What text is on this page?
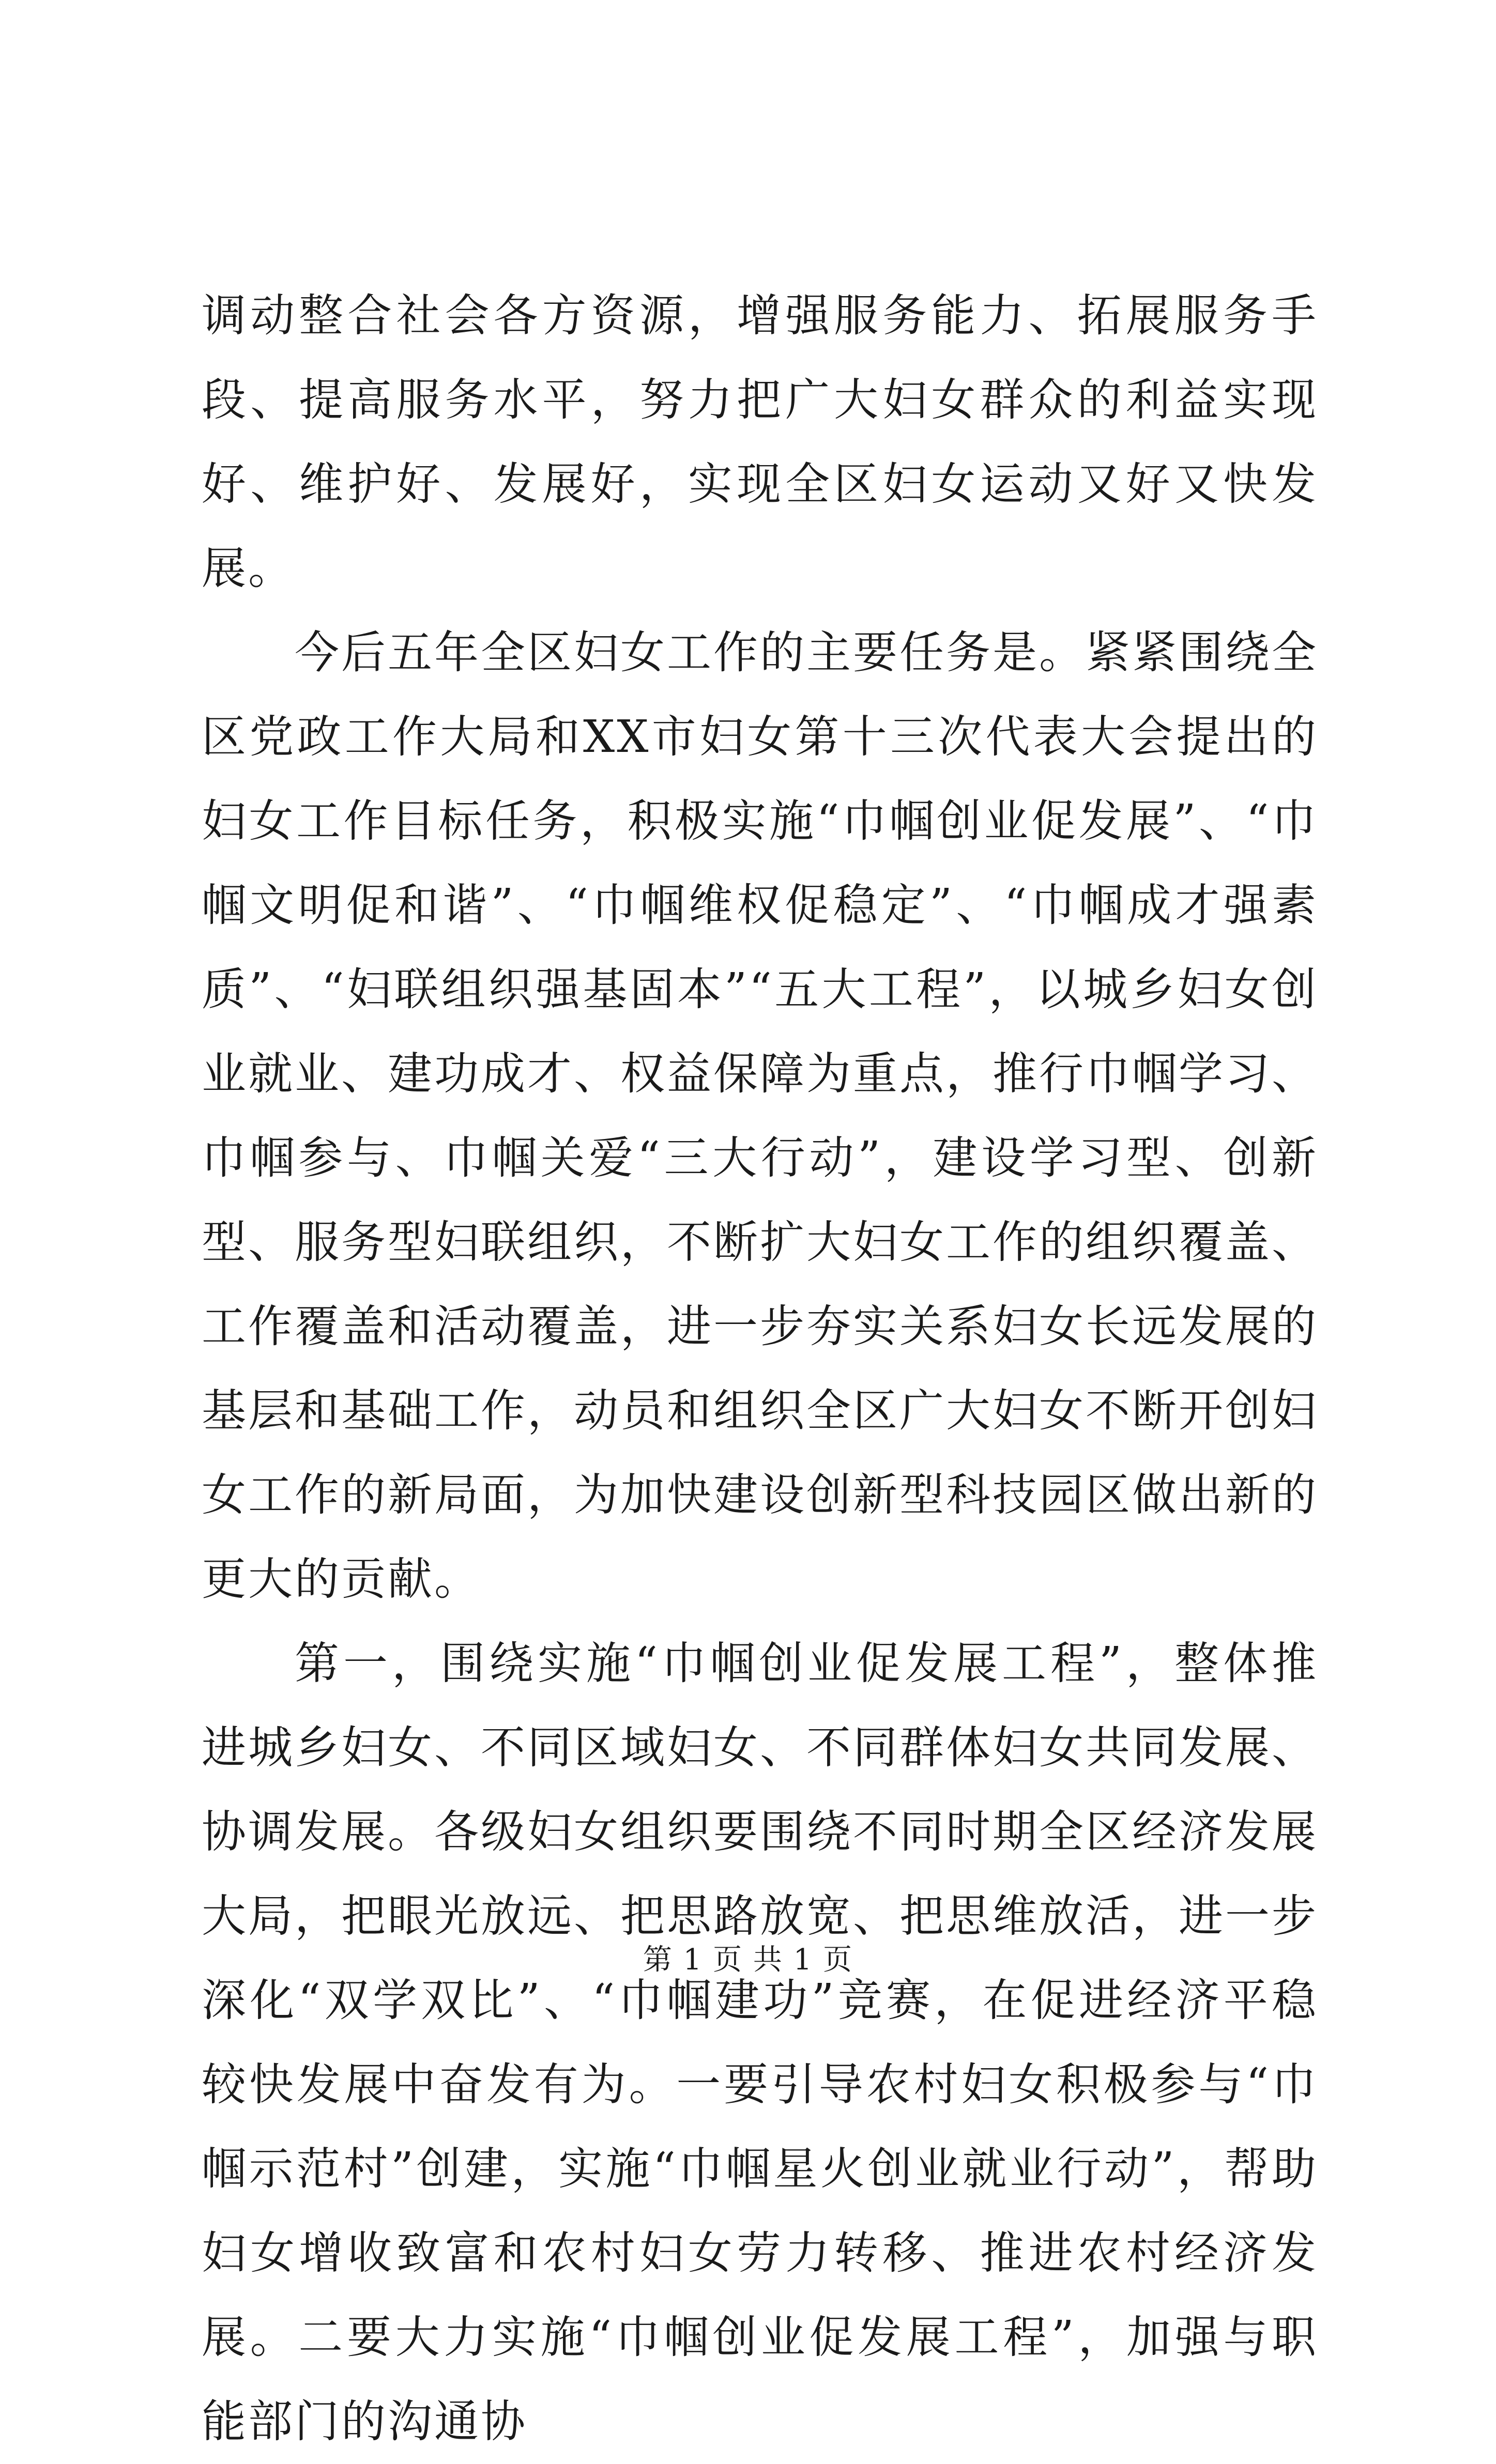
调动整合社会各方资源，增强服务能力、拓展服务手段、提高服务水平，努力把广大妇女群众的利益实现好、维护好、发展好，实现全区妇女运动又好又快发展。

今后五年全区妇女工作的主要任务是。紧紧围绕全区党政工作大局和XX市妇女第十三次代表大会提出的妇女工作目标任务，积极实施“巾帼创业促发展”、“巾帼文明促和谐”、“巾帼维权促稳定”、“巾帼成才强素质”、“妇联组织强基固本”“五大工程”，以城乡妇女创业就业、建功成才、权益保障为重点，推行巾帼学习、巾帼参与、巾帼关爱“三大行动”，建设学习型、创新型、服务型妇联组织，不断扩大妇女工作的组织覆盖、工作覆盖和活动覆盖，进一步夯实关系妇女长远发展的基层和基础工作，动员和组织全区广大妇女不断开创妇女工作的新局面，为加快建设创新型科技园区做出新的更大的贡献。

第一，围绕实施“巾帼创业促发展工程”，整体推进城乡妇女、不同区域妇女、不同群体妇女共同发展、协调发展。各级妇女组织要围绕不同时期全区经济发展大局，把眼光放远、把思路放宽、把思维放活，进一步深化“双学双比”、“巾帼建功”竞赛，在促进经济平稳较快发展中奋发有为。一要引导农村妇女积极参与“巾帼示范村”创建，实施“巾帼星火创业就业行动”，帮助妇女增收致富和农村妇女劳力转移、推进农村经济发展。二要大力实施“巾帼创业促发展工程”，加强与职能部门的沟通协

第 1 页 共 1 页
